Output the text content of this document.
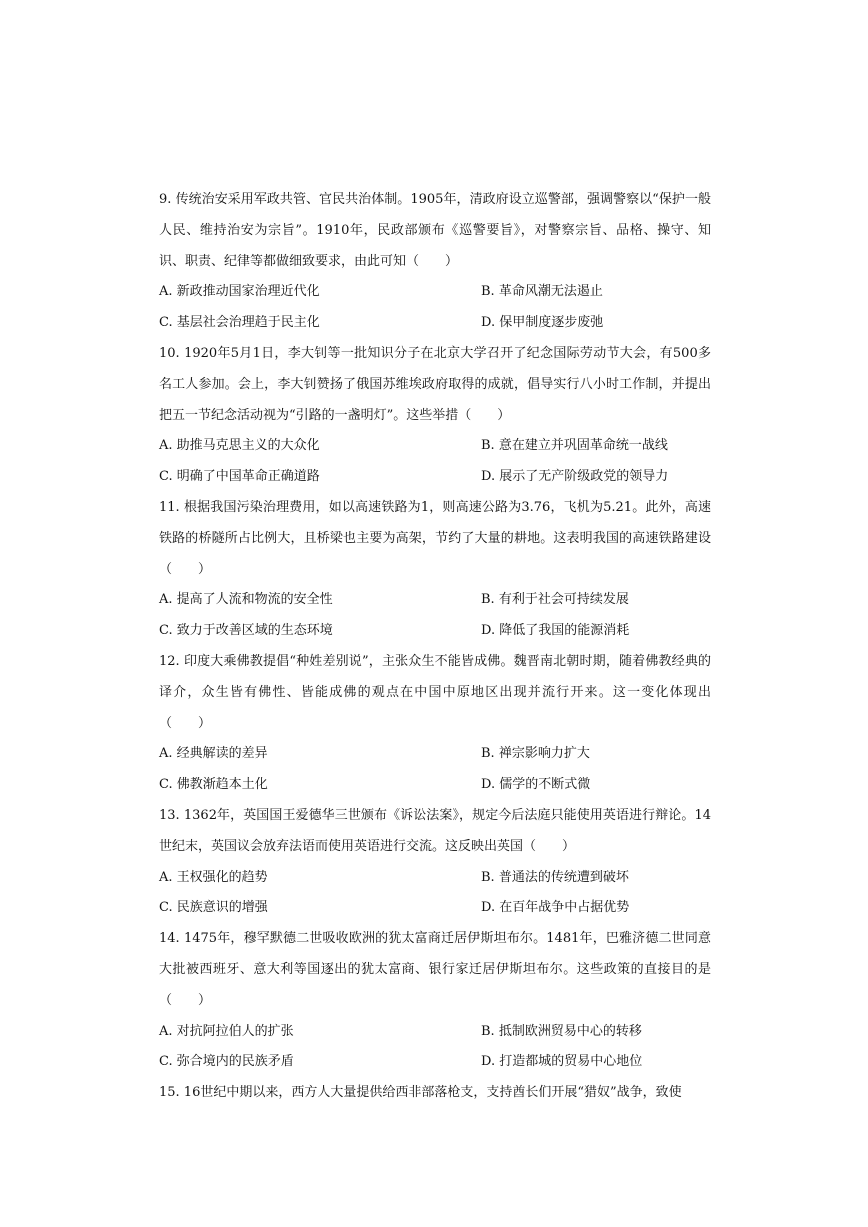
9. 传统治安采用军政共管、官民共治体制。1905年，清政府设立巡警部，强调警察以“保护一般人民、维持治安为宗旨”。1910年，民政部颁布《巡警要旨》，对警察宗旨、品格、操守、知识、职责、纪律等都做细致要求，由此可知（　　）

A. 新政推动国家治理近代化	B. 革命风潮无法遏止
C. 基层社会治理趋于民主化	D. 保甲制度逐步废弛

10. 1920年5月1日，李大钊等一批知识分子在北京大学召开了纪念国际劳动节大会，有500多名工人参加。会上，李大钊赞扬了俄国苏维埃政府取得的成就，倡导实行八小时工作制，并提出把五一节纪念活动视为“引路的一盏明灯”。这些举措（　　）

A. 助推马克思主义的大众化	B. 意在建立并巩固革命统一战线
C. 明确了中国革命正确道路	D. 展示了无产阶级政党的领导力

11. 根据我国污染治理费用，如以高速铁路为1，则高速公路为3.76，飞机为5.21。此外，高速铁路的桥隧所占比例大，且桥梁也主要为高架，节约了大量的耕地。这表明我国的高速铁路建设（　　）

A. 提高了人流和物流的安全性	B. 有利于社会可持续发展
C. 致力于改善区域的生态环境	D. 降低了我国的能源消耗

12. 印度大乘佛教提倡“种姓差别说”，主张众生不能皆成佛。魏晋南北朝时期，随着佛教经典的译介，众生皆有佛性、皆能成佛的观点在中国中原地区出现并流行开来。这一变化体现出（　　）

A. 经典解读的差异	B. 禅宗影响力扩大
C. 佛教渐趋本土化	D. 儒学的不断式微

13. 1362年，英国国王爱德华三世颁布《诉讼法案》，规定今后法庭只能使用英语进行辩论。14世纪末，英国议会放弃法语而使用英语进行交流。这反映出英国（　　）

A. 王权强化的趋势	B. 普通法的传统遭到破坏
C. 民族意识的增强	D. 在百年战争中占据优势

14. 1475年，穆罕默德二世吸收欧洲的犹太富商迁居伊斯坦布尔。1481年，巴雅济德二世同意大批被西班牙、意大利等国逐出的犹太富商、银行家迁居伊斯坦布尔。这些政策的直接目的是（　　）

A. 对抗阿拉伯人的扩张	B. 抵制欧洲贸易中心的转移
C. 弥合境内的民族矛盾	D. 打造都城的贸易中心地位

15. 16世纪中期以来，西方人大量提供给西非部落枪支，支持酋长们开展“猎奴”战争，致使
